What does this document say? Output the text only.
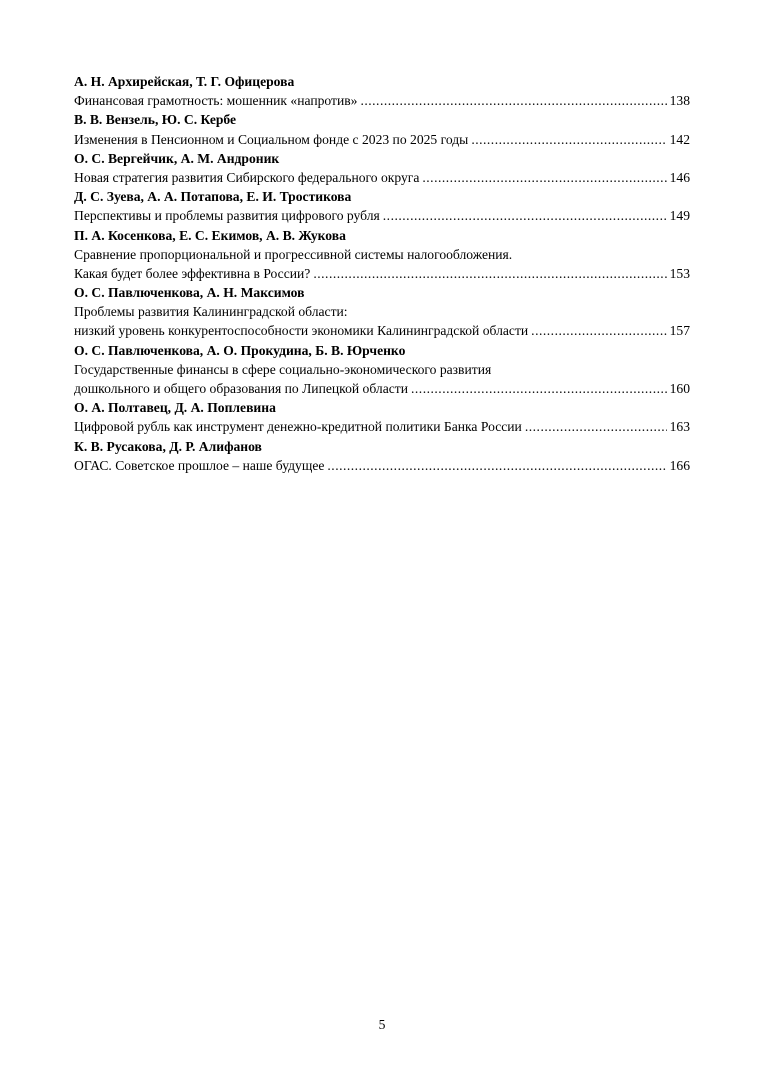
А. Н. Архирейская, Т. Г. Офицерова
Финансовая грамотность: мошенник «напротив» .....	138
В. В. Вензель, Ю. С. Кербе
Изменения в Пенсионном и Социальном фонде с 2023 по 2025 годы .....	142
О. С. Вергейчик, А. М. Андроник
Новая стратегия развития Сибирского федерального округа .....	146
Д. С. Зуева, А. А. Потапова, Е. И. Тростикова
Перспективы и проблемы развития цифрового рубля .....	149
П. А. Косенкова, Е. С. Екимов, А. В. Жукова
Сравнение пропорциональной и прогрессивной системы налогообложения.
Какая будет более эффективна в России? .....	153
О. С. Павлюченкова, А. Н. Максимов
Проблемы развития Калининградской области:
низкий уровень конкурентоспособности экономики Калининградской области .....	157
О. С. Павлюченкова, А. О. Прокудина, Б. В. Юрченко
Государственные финансы в сфере социально-экономического развития
дошкольного и общего образования по Липецкой области .....	160
О. А. Полтавец, Д. А. Поплевина
Цифровой рубль как инструмент денежно-кредитной политики Банка России .....	163
К. В. Русакова, Д. Р. Алифанов
ОГАС. Советское прошлое – наше будущее .....	166
5
